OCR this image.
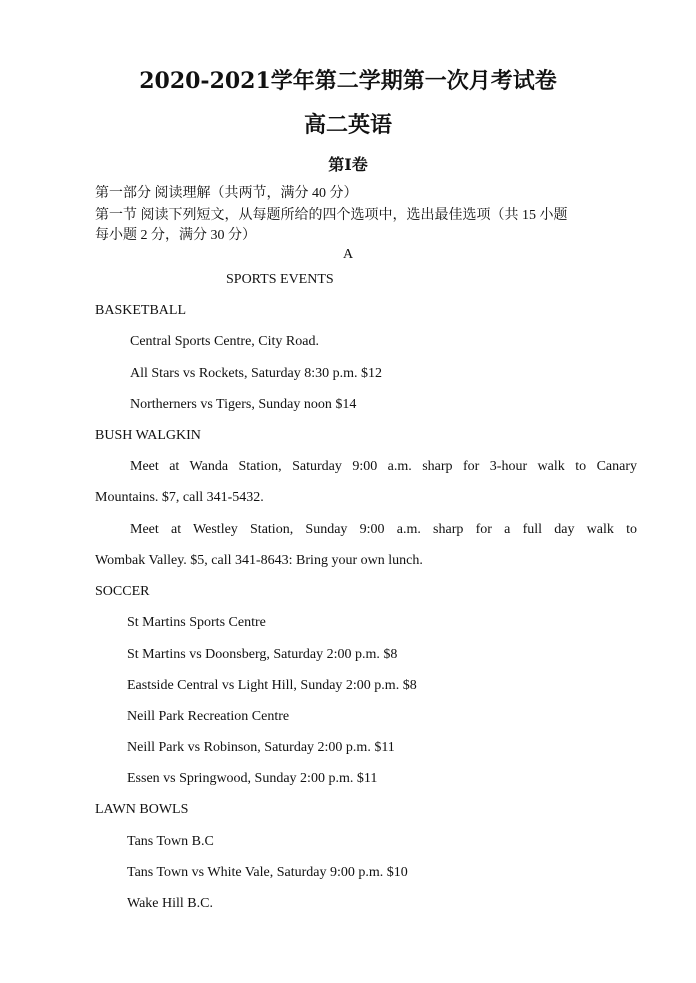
2020-2021学年第二学期第一次月考试卷
高二英语
第Ⅰ卷
第一部分 阅读理解（共两节，满分 40 分）
第一节 阅读下列短文，从每题所给的四个选项中，选出最佳选项（共 15 小题
每小题 2 分，满分 30 分）
A
SPORTS EVENTS
BASKETBALL
Central Sports Centre, City Road.
All Stars vs Rockets, Saturday 8:30 p.m. $12
Northerners vs Tigers, Sunday noon $14
BUSH WALGKIN
Meet at Wanda Station, Saturday 9:00 a.m. sharp for 3-hour walk to Canary
Mountains. $7, call 341-5432.
Meet at Westley Station, Sunday 9:00 a.m. sharp for a full day walk to
Wombak Valley. $5, call 341-8643: Bring your own lunch.
SOCCER
St Martins Sports Centre
St Martins vs Doonsberg, Saturday 2:00 p.m. $8
Eastside Central vs Light Hill, Sunday 2:00 p.m. $8
Neill Park Recreation Centre
Neill Park vs Robinson, Saturday 2:00 p.m. $11
Essen vs Springwood, Sunday 2:00 p.m. $11
LAWN BOWLS
Tans Town B.C
Tans Town vs White Vale, Saturday 9:00 p.m. $10
Wake Hill B.C.
